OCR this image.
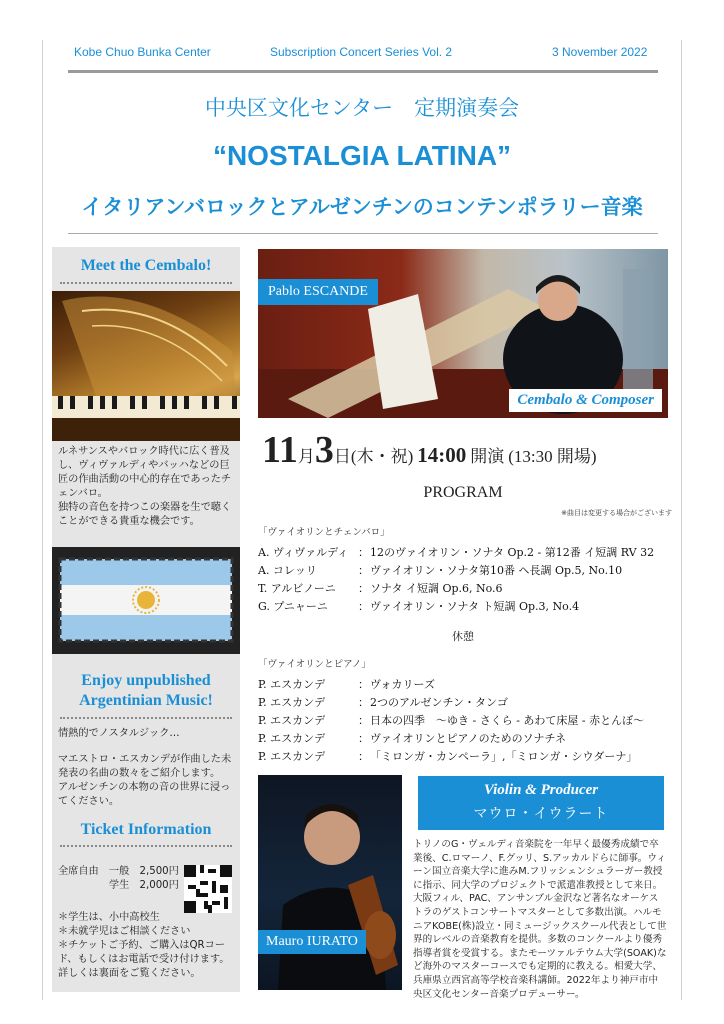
Kobe Chuo Bunka Center	Subscription Concert Series Vol. 2	3 November 2022
中央区文化センター　定期演奏会
“NOSTALGIA LATINA”
イタリアンバロックとアルゼンチンのコンテンポラリー音楽
Meet the Cembalo!
ルネサンスやバロック時代に広く普及し、ヴィヴァルディやバッハなどの巨匠の作曲活動の中心的存在であったチェンバロ。
独特の音色を持つこの楽器を生で聴くことができる貴重な機会です。
Enjoy unpublished
Argentinian Music!
情熱的でノスタルジック…
マエストロ・エスカンデが作曲した未発表の名曲の数々をご紹介します。
アルゼンチンの本物の音の世界に浸ってください。
Ticket Information
全席自由　一般　2,500円
　　　　　学生　2,000円
＊学生は、小中高校生
＊未就学児はご相談ください
＊チケットご予約、ご購入はQRコード、もしくはお電話で受け付けます。
詳しくは裏面をご覧ください。
Pablo ESCANDE
Cembalo & Composer
11月3日(木・祝) 14:00 開演 (13:30 開場)
PROGRAM
※曲目は変更する場合がございます
「ヴァイオリンとチェンバロ」
A. ヴィヴァルディ ：12のヴァイオリン・ソナタ Op.2 - 第12番 イ短調 RV 32
A. コレッリ	：ヴァイオリン・ソナタ第10番 ヘ長調 Op.5, No.10
T. アルビノーニ ：ソナタ イ短調 Op.6, No.6
G. プニャーニ	：ヴァイオリン・ソナタ ト短調 Op.3, No.4
休憩
「ヴァイオリンとピアノ」
P. エスカンデ	：ヴォカリーズ
P. エスカンデ	：2つのアルゼンチン・タンゴ
P. エスカンデ	：日本の四季　〜ゆき - さくら - あわて床屋 - 赤とんぼ〜
P. エスカンデ	：ヴァイオリンとピアノのためのソナチネ
P. エスカンデ	：「ミロンガ・カンペーラ」,「ミロンガ・シウダーナ」
Mauro IURATO
Violin & Producer
マウロ・イウラート
トリノのG・ヴェルディ音楽院を一年早く最優秀成績で卒業後、C.ロマーノ、F.グッリ、S.アッカルドらに師事。ウィーン国立音楽大学に進みM.フリッシェンシュラーガー教授に指示、同大学のプロジェクトで派遣准教授として来日。大阪フィル、PAC、アンサンブル金沢など著名なオーケストラのゲストコンサートマスターとして多数出演。ハルモニアKOBE(株)設立・同ミュージックスクール代表として世界的レベルの音楽教育を提供。多数のコンクールより優秀指導者賞を受賞する。またモーツァルテウム大学(SOAK)など海外のマスターコースでも定期的に教える。相愛大学、兵庫県立西宮高等学校音楽科講師。2022年より神戸市中央区文化センター音楽プロデューサー。
